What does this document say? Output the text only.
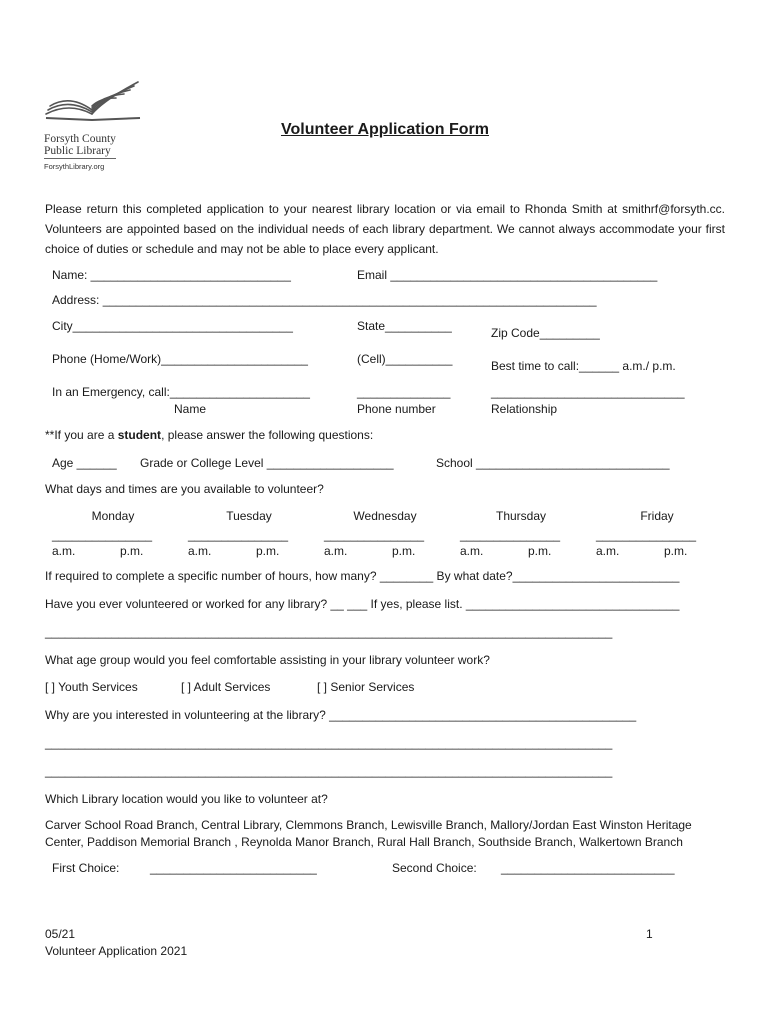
Forsyth County
Public Library
ForsythLibrary.org
Volunteer Application Form
Please return this completed application to your nearest library location or via email to Rhonda Smith at smithrf@forsyth.cc. Volunteers are appointed based on the individual needs of each library department. We cannot always accommodate your first choice of duties or schedule and may not be able to place every applicant.
Name: ______________________________	Email ________________________________________
Address: __________________________________________________________________________
City_________________________________	State__________	Zip Code_________
Phone (Home/Work)______________________	(Cell)__________	Best time to call:______ a.m./ p.m.
In an Emergency, call:_____________________	______________	_____________________________
Name	Phone number	Relationship
**If you are a student, please answer the following questions:
Age ______ Grade or College Level ___________________	School _____________________________
What days and times are you available to volunteer?
Monday	Tuesday	Wednesday	Thursday	Friday
_______________	_______________	_______________	_______________	_______________
a.m.	p.m.	a.m.	p.m.	a.m.	p.m.	a.m.	p.m.	a.m.	p.m.
If required to complete a specific number of hours, how many? ________ By what date?_________________________
Have you ever volunteered or worked for any library? __ ___ If yes, please list. ________________________________
_____________________________________________________________________________________
What age group would you feel comfortable assisting in your library volunteer work?
[ ] Youth Services	[ ] Adult Services	[ ] Senior Services
Why are you interested in volunteering at the library? ______________________________________________
_____________________________________________________________________________________
_____________________________________________________________________________________
Which Library location would you like to volunteer at?
Carver School Road Branch, Central Library, Clemmons Branch, Lewisville Branch, Mallory/Jordan East Winston Heritage
Center, Paddison Memorial Branch , Reynolda Manor Branch, Rural Hall Branch, Southside Branch, Walkertown Branch
First Choice:	_________________________	Second Choice: __________________________
05/21
Volunteer Application 2021
1
